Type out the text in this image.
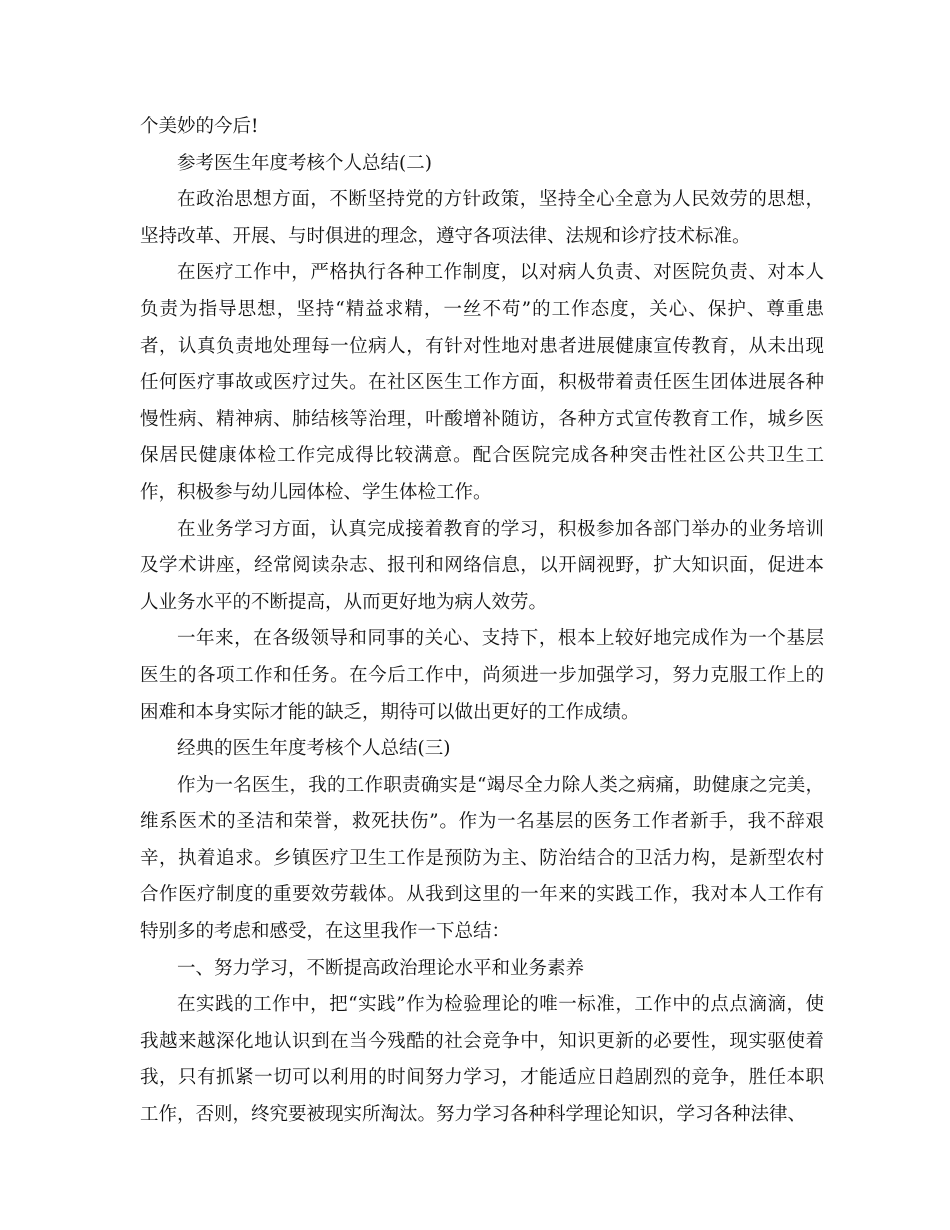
个美妙的今后!

参考医生年度考核个人总结(二)

在政治思想方面，不断坚持党的方针政策，坚持全心全意为人民效劳的思想，坚持改革、开展、与时俱进的理念，遵守各项法律、法规和诊疗技术标准。

在医疗工作中，严格执行各种工作制度，以对病人负责、对医院负责、对本人负责为指导思想，坚持“精益求精，一丝不苟”的工作态度，关心、保护、尊重患者，认真负责地处理每一位病人，有针对性地对患者进展健康宣传教育，从未出现任何医疗事故或医疗过失。在社区医生工作方面，积极带着责任医生团体进展各种慢性病、精神病、肺结核等治理，叶酸增补随访，各种方式宣传教育工作，城乡医保居民健康体检工作完成得比较满意。配合医院完成各种突击性社区公共卫生工作，积极参与幼儿园体检、学生体检工作。

在业务学习方面，认真完成接着教育的学习，积极参加各部门举办的业务培训及学术讲座，经常阅读杂志、报刊和网络信息，以开阔视野，扩大知识面，促进本人业务水平的不断提高，从而更好地为病人效劳。

一年来，在各级领导和同事的关心、支持下，根本上较好地完成作为一个基层医生的各项工作和任务。在今后工作中，尚须进一步加强学习，努力克服工作上的困难和本身实际才能的缺乏，期待可以做出更好的工作成绩。

经典的医生年度考核个人总结(三)

作为一名医生，我的工作职责确实是“竭尽全力除人类之病痛，助健康之完美，维系医术的圣洁和荣誉，救死扶伤”。作为一名基层的医务工作者新手，我不辞艰辛，执着追求。乡镇医疗卫生工作是预防为主、防治结合的卫活力构，是新型农村合作医疗制度的重要效劳载体。从我到这里的一年来的实践工作，我对本人工作有特别多的考虑和感受，在这里我作一下总结：

一、努力学习，不断提高政治理论水平和业务素养

在实践的工作中，把“实践”作为检验理论的唯一标准，工作中的点点滴滴，使我越来越深化地认识到在当今残酷的社会竞争中，知识更新的必要性，现实驱使着我，只有抓紧一切可以利用的时间努力学习，才能适应日趋剧烈的竞争，胜任本职工作，否则，终究要被现实所淘汰。努力学习各种科学理论知识，学习各种法律、
